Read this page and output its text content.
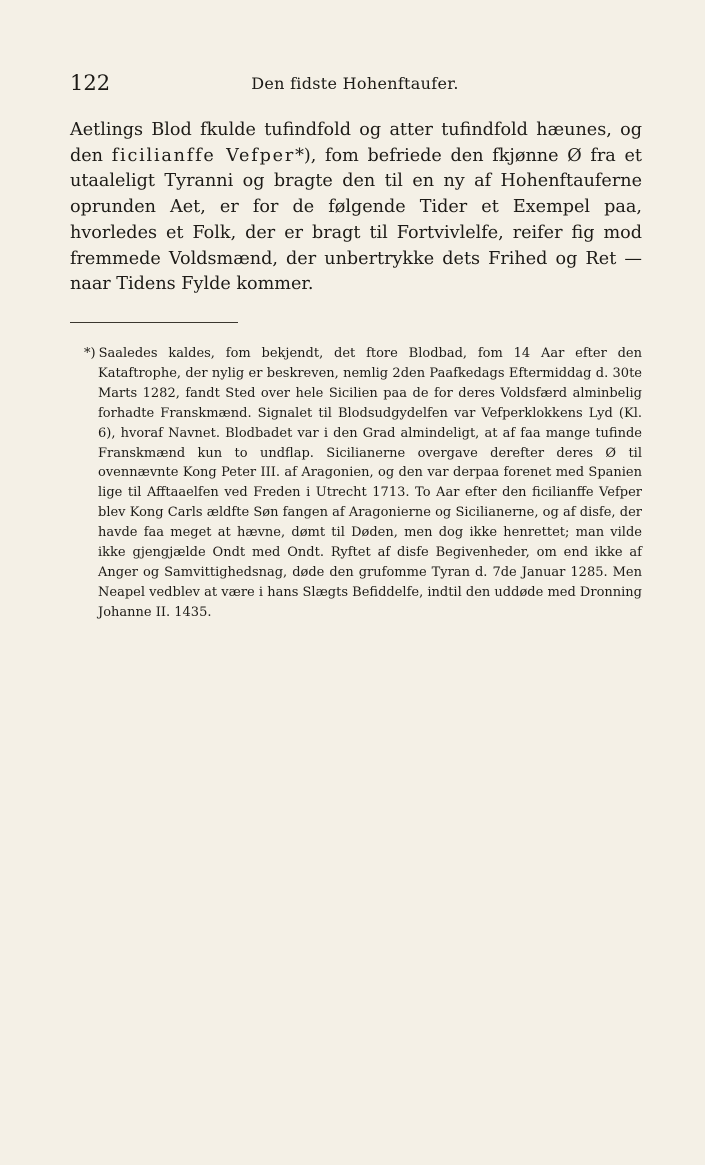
122	Den fidste Hohenftaufer.

Aetlings Blod fkulde tufindfold og atter tufindfold hæunes, og den ficilianffe Vefper*), fom befriede den fkjønne Ø fra et utaaleligt Tyranni og bragte den til en ny af Hohenftauferne oprunden Aet, er for de følgende Tider et Exempel paa, hvorledes et Folk, der er bragt til Fortvivlelfe, reifer fig mod fremmede Voldsmænd, der unbertrykke dets Frihed og Ret — naar Tidens Fylde kommer.

*) Saaledes kaldes, fom bekjendt, det ftore Blodbad, fom 14 Aar efter den Kataftrophe, der nylig er beskreven, nemlig 2den Paafkedags Eftermiddag d. 30te Marts 1282, fandt Sted over hele Sicilien paa de for deres Voldsfærd alminbelig forhadte Franskmænd. Signalet til Blodsudgydelfen var Vefperklokkens Lyd (Kl. 6), hvoraf Navnet. Blodbadet var i den Grad almindeligt, at af faa mange tufinde Franskmænd kun to undflap. Sicilianerne overgave derefter deres Ø til ovennævnte Kong Peter III. af Aragonien, og den var derpaa forenet med Spanien lige til Afftaaelfen ved Freden i Utrecht 1713. To Aar efter den ficilianffe Vefper blev Kong Carls ældfte Søn fangen af Aragonierne og Sicilianerne, og af disfe, der havde faa meget at hævne, dømt til Døden, men dog ikke henrettet; man vilde ikke gjengjælde Ondt med Ondt. Ryftet af disfe Begivenheder, om end ikke af Anger og Samvittighedsnag, døde den grufomme Tyran d. 7de Januar 1285. Men Neapel vedblev at være i hans Slægts Befiddelfe, indtil den uddøde med Dronning Johanne II. 1435.
